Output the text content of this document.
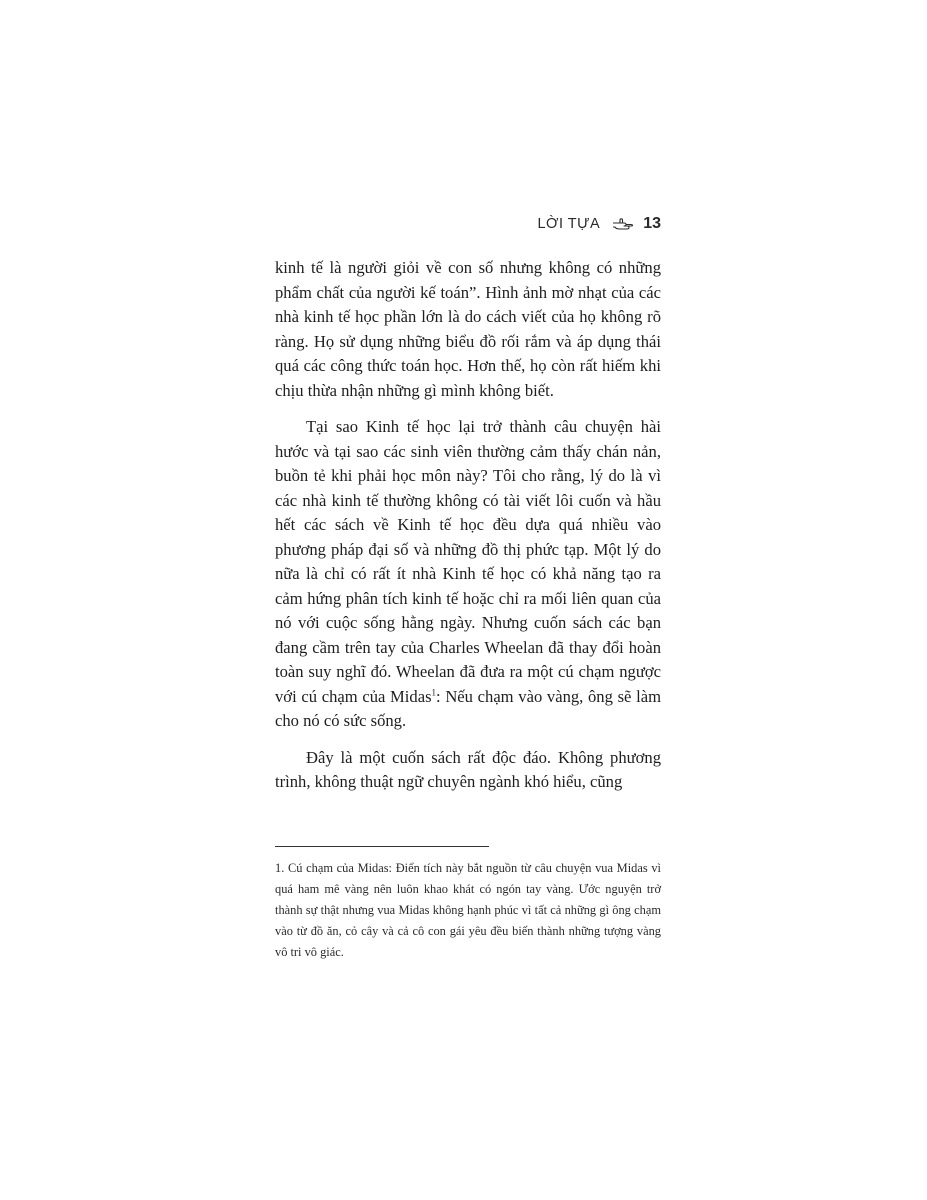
LỜI TỰA	13

kinh tế là người giỏi về con số nhưng không có những phẩm chất của người kế toán”. Hình ảnh mờ nhạt của các nhà kinh tế học phần lớn là do cách viết của họ không rõ ràng. Họ sử dụng những biểu đồ rối rắm và áp dụng thái quá các công thức toán học. Hơn thế, họ còn rất hiếm khi chịu thừa nhận những gì mình không biết.

Tại sao Kinh tế học lại trở thành câu chuyện hài hước và tại sao các sinh viên thường cảm thấy chán nản, buồn tẻ khi phải học môn này? Tôi cho rằng, lý do là vì các nhà kinh tế thường không có tài viết lôi cuốn và hầu hết các sách về Kinh tế học đều dựa quá nhiều vào phương pháp đại số và những đồ thị phức tạp. Một lý do nữa là chỉ có rất ít nhà Kinh tế học có khả năng tạo ra cảm hứng phân tích kinh tế hoặc chỉ ra mối liên quan của nó với cuộc sống hằng ngày. Nhưng cuốn sách các bạn đang cầm trên tay của Charles Wheelan đã thay đổi hoàn toàn suy nghĩ đó. Wheelan đã đưa ra một cú chạm ngược với cú chạm của Midas$^1$: Nếu chạm vào vàng, ông sẽ làm cho nó có sức sống.

Đây là một cuốn sách rất độc đáo. Không phương trình, không thuật ngữ chuyên ngành khó hiểu, cũng

1. Cú chạm của Midas: Điển tích này bắt nguồn từ câu chuyện vua Midas vì quá ham mê vàng nên luôn khao khát có ngón tay vàng. Ước nguyện trở thành sự thật nhưng vua Midas không hạnh phúc vì tất cả những gì ông chạm vào từ đồ ăn, cỏ cây và cả cô con gái yêu đều biến thành những tượng vàng vô tri vô giác.
